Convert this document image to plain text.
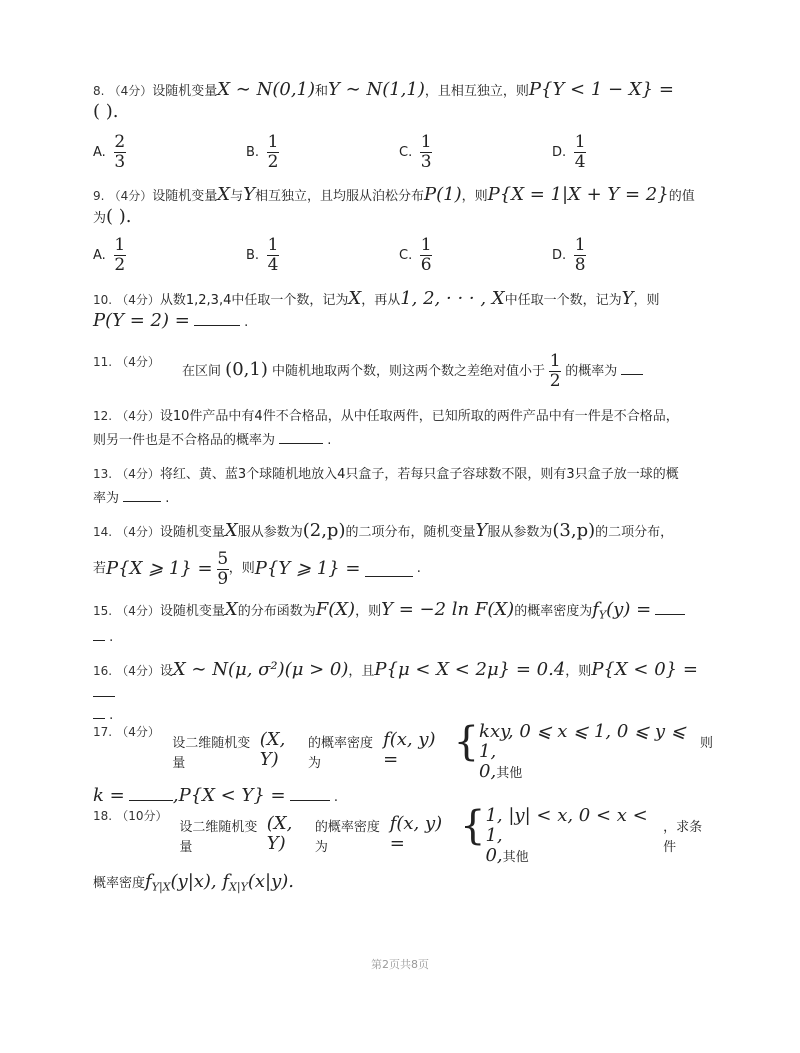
8. （4分）设随机变量X ∼ N(0,1)和Y ∼ N(1,1)，且相互独立，则P{Y < 1 − X} =
( ).
A. $\frac{2}{3}$	B. $\frac{1}{2}$	C. $\frac{1}{3}$	D. $\frac{1}{4}$
9. （4分）设随机变量X与Y相互独立，且均服从泊松分布P(1)，则P{X = 1|X + Y = 2}的值
为( ).
A. $\frac{1}{2}$	B. $\frac{1}{4}$	C. $\frac{1}{6}$	D. $\frac{1}{8}$
10. （4分）从数1,2,3,4中任取一个数，记为X，再从1, 2, · · · , X中任取一个数，记为Y，则
P(Y = 2) =	.
11. （4分） 在区间 (0,1) 中随机地取两个数，则这两个数之差绝对值小于 $\frac{1}{2}$ 的概率为
12. （4分）设10件产品中有4件不合格品，从中任取两件，已知所取的两件产品中有一件是不合格品，
则另一件也是不合格品的概率为	.
13. （4分）将红、黄、蓝3个球随机地放入4只盒子，若每只盒子容球数不限，则有3只盒子放一球的概
率为	.
14. （4分）设随机变量X服从参数为(2,p)的二项分布，随机变量Y服从参数为(3,p)的二项分布，
若 P{X ⩾ 1} =
$\frac{5}{9}$ ，则 P{Y ⩾ 1} =

	.
15. （4分）设随机变量X的分布函数为F(X)，则Y = −2 ln F(X)的概率密度为$f_Y(y)$ =
.
16. （4分）设X ∼ N(μ, σ²)(μ > 0)，且P{μ < X < 2μ} = 0.4，则P{X < 0} =
.
17.
（4分）
设二维随机变量
(X, Y)
的概率密度为
f(x, y) =	{ kxy, 0 ⩽ x ⩽ 1, 0 ⩽ y ⩽ 1,
0,其他
则
k =	,P{X < Y} =	.
18.
（10分）
设二维随机变量
(X, Y)
的概率密度为
f(x, y) =	{ 1, |y| < x, 0 < x < 1,
0,其他
，求条件
概率密度$f_{Y|X}(y|x)$, $f_{X|Y}(x|y)$.
第2页共8页
